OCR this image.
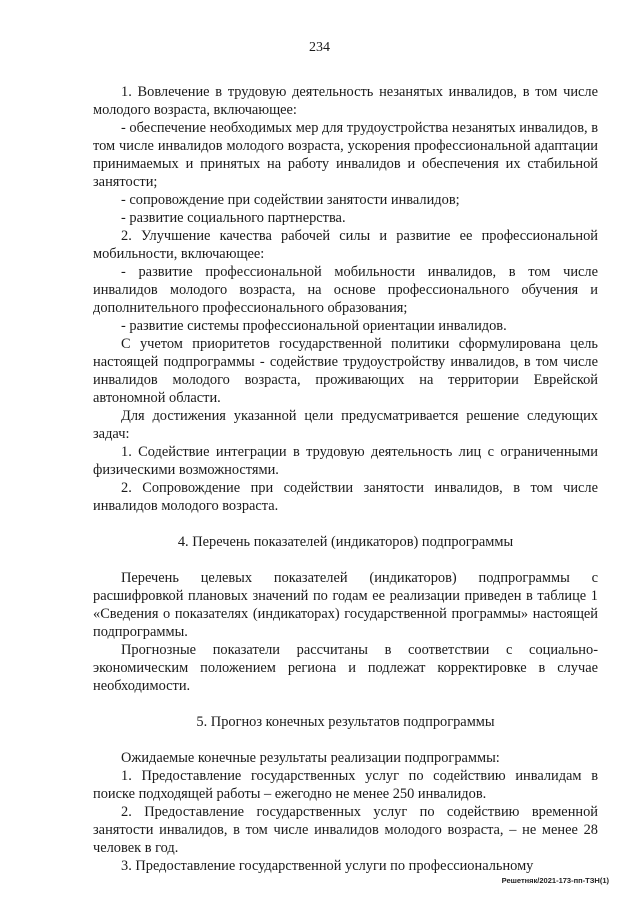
234

1. Вовлечение в трудовую деятельность незанятых инвалидов, в том числе молодого возраста, включающее:

- обеспечение необходимых мер для трудоустройства незанятых инвалидов, в том числе инвалидов молодого возраста, ускорения профессиональной адаптации принимаемых и принятых на работу инвалидов и обеспечения их стабильной занятости;

- сопровождение при содействии занятости инвалидов;

- развитие социального партнерства.

2. Улучшение качества рабочей силы и развитие ее профессиональной мобильности, включающее:

- развитие профессиональной мобильности инвалидов, в том числе инвалидов молодого возраста, на основе профессионального обучения и дополнительного профессионального образования;

- развитие системы профессиональной ориентации инвалидов.

С учетом приоритетов государственной политики сформулирована цель настоящей подпрограммы - содействие трудоустройству инвалидов, в том числе инвалидов молодого возраста, проживающих на территории Еврейской автономной области.

Для достижения указанной цели предусматривается решение следующих задач:

1. Содействие интеграции в трудовую деятельность лиц с ограниченными физическими возможностями.

2. Сопровождение при содействии занятости инвалидов, в том числе инвалидов молодого возраста.

4. Перечень показателей (индикаторов) подпрограммы

Перечень целевых показателей (индикаторов) подпрограммы с расшифровкой плановых значений по годам ее реализации приведен в таблице 1 «Сведения о показателях (индикаторах) государственной программы» настоящей подпрограммы.

Прогнозные показатели рассчитаны в соответствии с социально-экономическим положением региона и подлежат корректировке в случае необходимости.

5. Прогноз конечных результатов подпрограммы

Ожидаемые конечные результаты реализации подпрограммы:

1. Предоставление государственных услуг по содействию инвалидам в поиске подходящей работы – ежегодно не менее 250 инвалидов.

2. Предоставление государственных услуг по содействию временной занятости инвалидов, в том числе инвалидов молодого возраста, – не менее 28 человек в год.

3. Предоставление государственной услуги по профессиональному

Решетняк/2021-173-пп-ТЗН(1)
